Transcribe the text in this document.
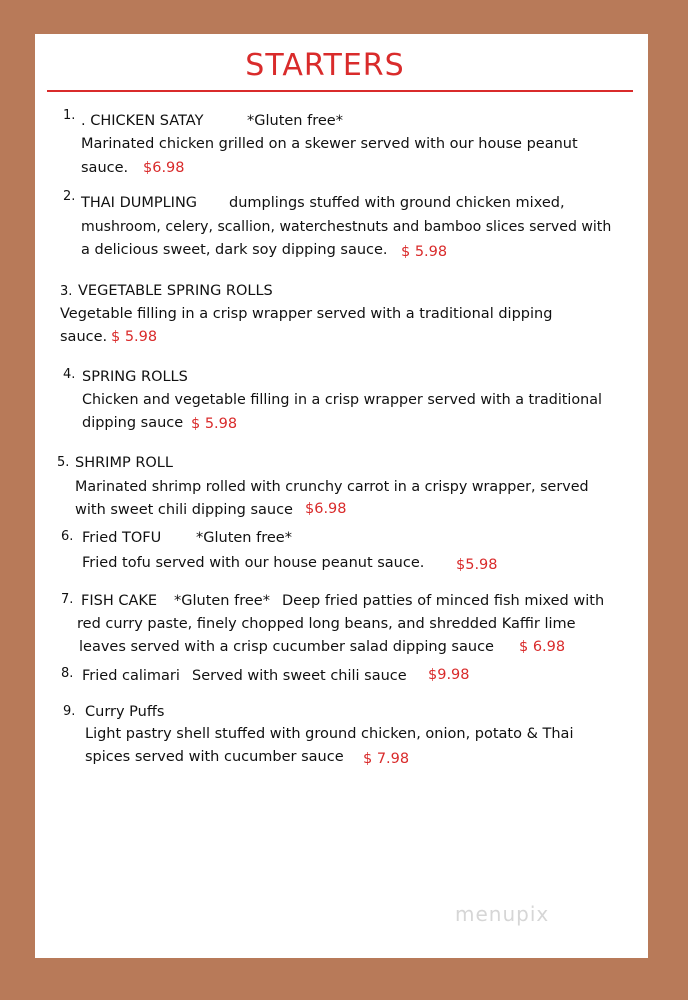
STARTERS
1. . CHICKEN SATAY	*Gluten free*
Marinated chicken grilled on a skewer served with our house peanut
sauce. $6.98
2. THAI DUMPLING dumplings stuffed with ground chicken mixed,
mushroom, celery, scallion, waterchestnuts and bamboo slices served with
a delicious sweet, dark soy dipping sauce. $ 5.98
3. VEGETABLE SPRING ROLLS
Vegetable filling in a crisp wrapper served with a traditional dipping
sauce. $ 5.98
4. SPRING ROLLS
Chicken and vegetable filling in a crisp wrapper served with a traditional
dipping sauce $ 5.98
5. SHRIMP ROLL
Marinated shrimp rolled with crunchy carrot in a crispy wrapper, served
with sweet chili dipping sauce $6.98
6. Fried TOFU *Gluten free*
Fried tofu served with our house peanut sauce. $5.98
7. FISH CAKE *Gluten free* Deep fried patties of minced fish mixed with
red curry paste, finely chopped long beans, and shredded Kaffir lime
leaves served with a crisp cucumber salad dipping sauce $ 6.98
8. Fried calimari Served with sweet chili sauce $9.98
9. Curry Puffs
Light pastry shell stuffed with ground chicken, onion, potato & Thai
spices served with cucumber sauce $ 7.98
menupix
